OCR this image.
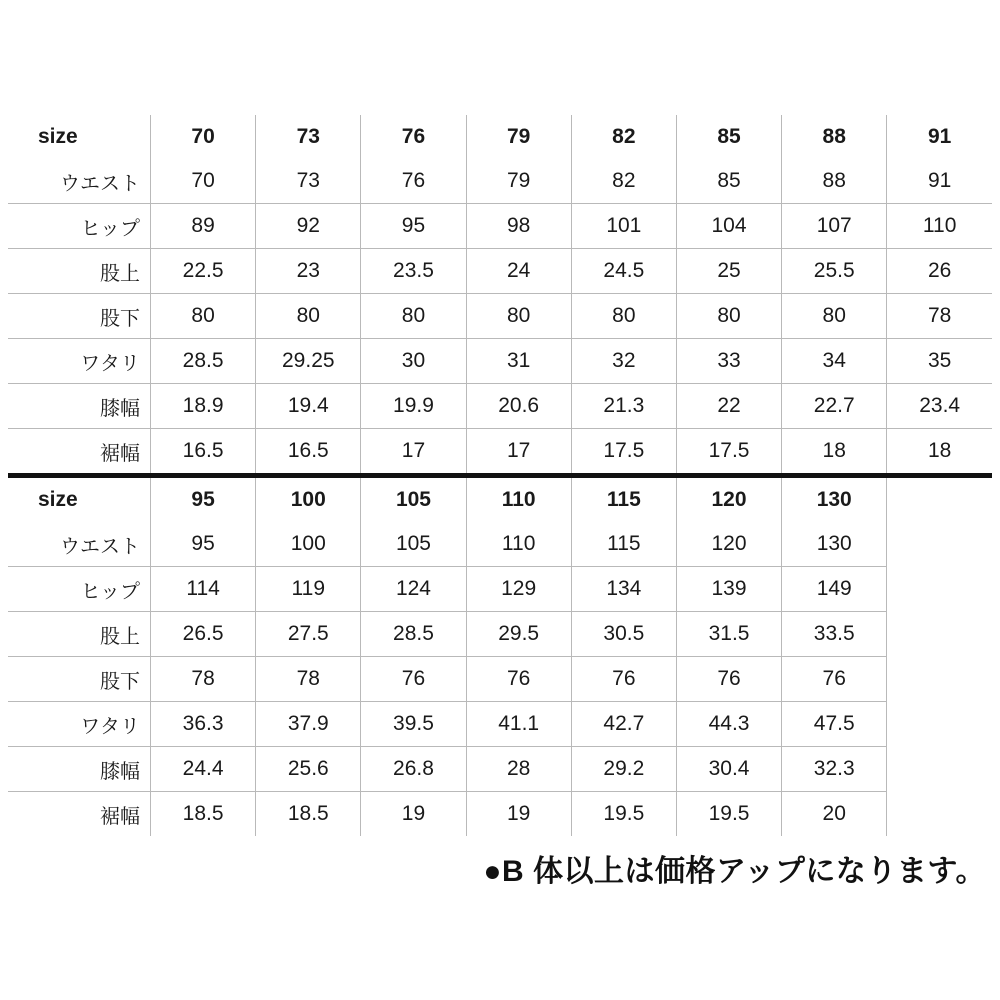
size	70	73	76	79	82	85	88	91
ウエスト	70	73	76	79	82	85	88	91
ヒップ	89	92	95	98	101	104	107	110
股上	22.5	23	23.5	24	24.5	25	25.5	26
股下	80	80	80	80	80	80	80	78
ワタリ	28.5	29.25	30	31	32	33	34	35
膝幅	18.9	19.4	19.9	20.6	21.3	22	22.7	23.4
裾幅	16.5	16.5	17	17	17.5	17.5	18	18
size	95	100	105	110	115	120	130	
ウエスト	95	100	105	110	115	120	130	
ヒップ	114	119	124	129	134	139	149	
股上	26.5	27.5	28.5	29.5	30.5	31.5	33.5	
股下	78	78	76	76	76	76	76	
ワタリ	36.3	37.9	39.5	41.1	42.7	44.3	47.5	
膝幅	24.4	25.6	26.8	28	29.2	30.4	32.3	
裾幅	18.5	18.5	19	19	19.5	19.5	20	
●B 体以上は価格アップになります。
